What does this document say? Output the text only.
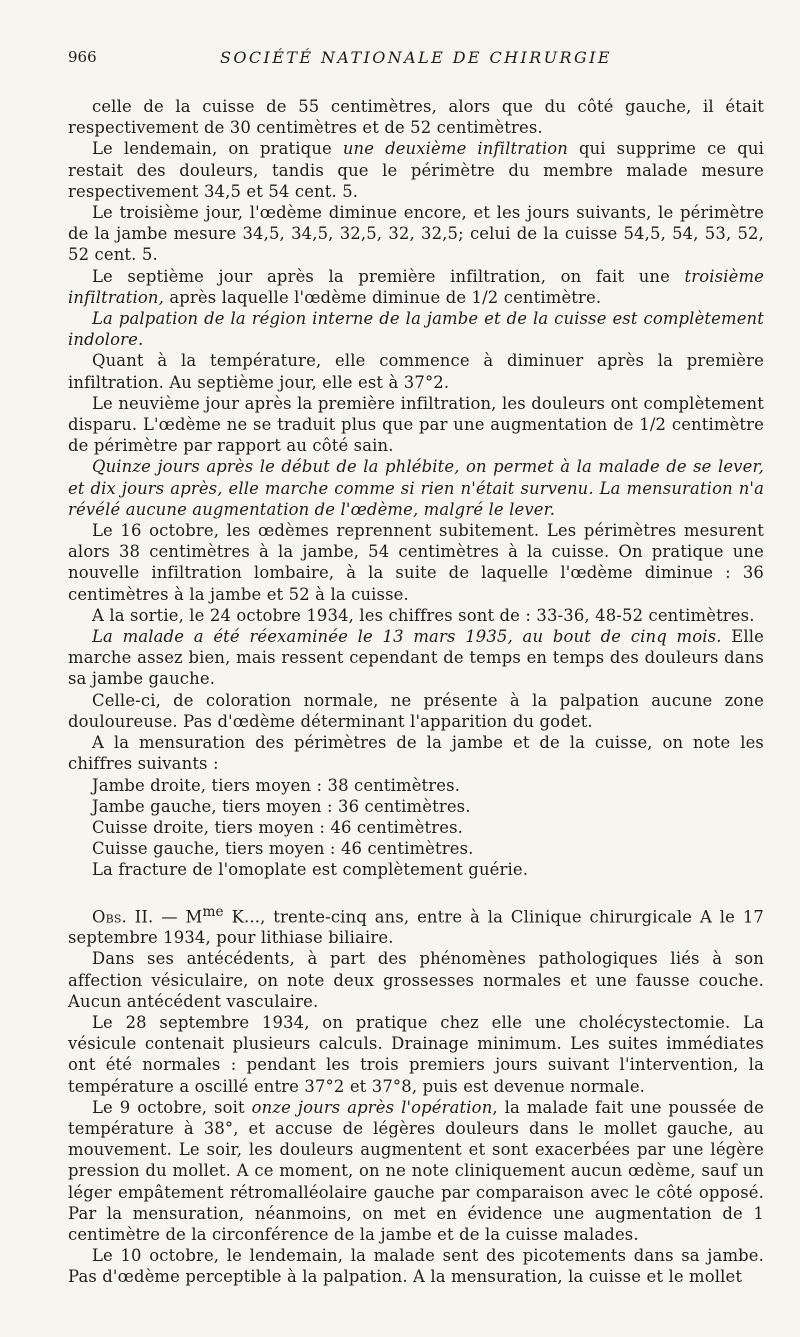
966	SOCIÉTÉ NATIONALE DE CHIRURGIE

celle de la cuisse de 55 centimètres, alors que du côté gauche, il était respectivement de 30 centimètres et de 52 centimètres.

Le lendemain, on pratique une deuxième infiltration qui supprime ce qui restait des douleurs, tandis que le périmètre du membre malade mesure respectivement 34,5 et 54 cent. 5.

Le troisième jour, l'œdème diminue encore, et les jours suivants, le périmètre de la jambe mesure 34,5, 34,5, 32,5, 32, 32,5; celui de la cuisse 54,5, 54, 53, 52, 52 cent. 5.

Le septième jour après la première infiltration, on fait une troisième infiltration, après laquelle l'œdème diminue de 1/2 centimètre.

La palpation de la région interne de la jambe et de la cuisse est complètement indolore.

Quant à la température, elle commence à diminuer après la première infiltration. Au septième jour, elle est à 37°2.

Le neuvième jour après la première infiltration, les douleurs ont complètement disparu. L'œdème ne se traduit plus que par une augmentation de 1/2 centimètre de périmètre par rapport au côté sain.

Quinze jours après le début de la phlébite, on permet à la malade de se lever, et dix jours après, elle marche comme si rien n'était survenu. La mensuration n'a révélé aucune augmentation de l'œdème, malgré le lever.

Le 16 octobre, les œdèmes reprennent subitement. Les périmètres mesurent alors 38 centimètres à la jambe, 54 centimètres à la cuisse. On pratique une nouvelle infiltration lombaire, à la suite de laquelle l'œdème diminue : 36 centimètres à la jambe et 52 à la cuisse.

A la sortie, le 24 octobre 1934, les chiffres sont de : 33-36, 48-52 centimètres.

La malade a été réexaminée le 13 mars 1935, au bout de cinq mois. Elle marche assez bien, mais ressent cependant de temps en temps des douleurs dans sa jambe gauche.

Celle-ci, de coloration normale, ne présente à la palpation aucune zone douloureuse. Pas d'œdème déterminant l'apparition du godet.

A la mensuration des périmètres de la jambe et de la cuisse, on note les chiffres suivants :

Jambe droite, tiers moyen : 38 centimètres.

Jambe gauche, tiers moyen : 36 centimètres.

Cuisse droite, tiers moyen : 46 centimètres.

Cuisse gauche, tiers moyen : 46 centimètres.

La fracture de l'omoplate est complètement guérie.

Obs. II. — $M^{me}$ K..., trente-cinq ans, entre à la Clinique chirurgicale A le 17 septembre 1934, pour lithiase biliaire.

Dans ses antécédents, à part des phénomènes pathologiques liés à son affection vésiculaire, on note deux grossesses normales et une fausse couche. Aucun antécédent vasculaire.

Le 28 septembre 1934, on pratique chez elle une cholécystectomie. La vésicule contenait plusieurs calculs. Drainage minimum. Les suites immédiates ont été normales : pendant les trois premiers jours suivant l'intervention, la température a oscillé entre 37°2 et 37°8, puis est devenue normale.

Le 9 octobre, soit onze jours après l'opération, la malade fait une poussée de température à 38°, et accuse de légères douleurs dans le mollet gauche, au mouvement. Le soir, les douleurs augmentent et sont exacerbées par une légère pression du mollet. A ce moment, on ne note cliniquement aucun œdème, sauf un léger empâtement rétromalléolaire gauche par comparaison avec le côté opposé. Par la mensuration, néanmoins, on met en évidence une augmentation de 1 centimètre de la circonférence de la jambe et de la cuisse malades.

Le 10 octobre, le lendemain, la malade sent des picotements dans sa jambe. Pas d'œdème perceptible à la palpation. A la mensuration, la cuisse et le mollet
